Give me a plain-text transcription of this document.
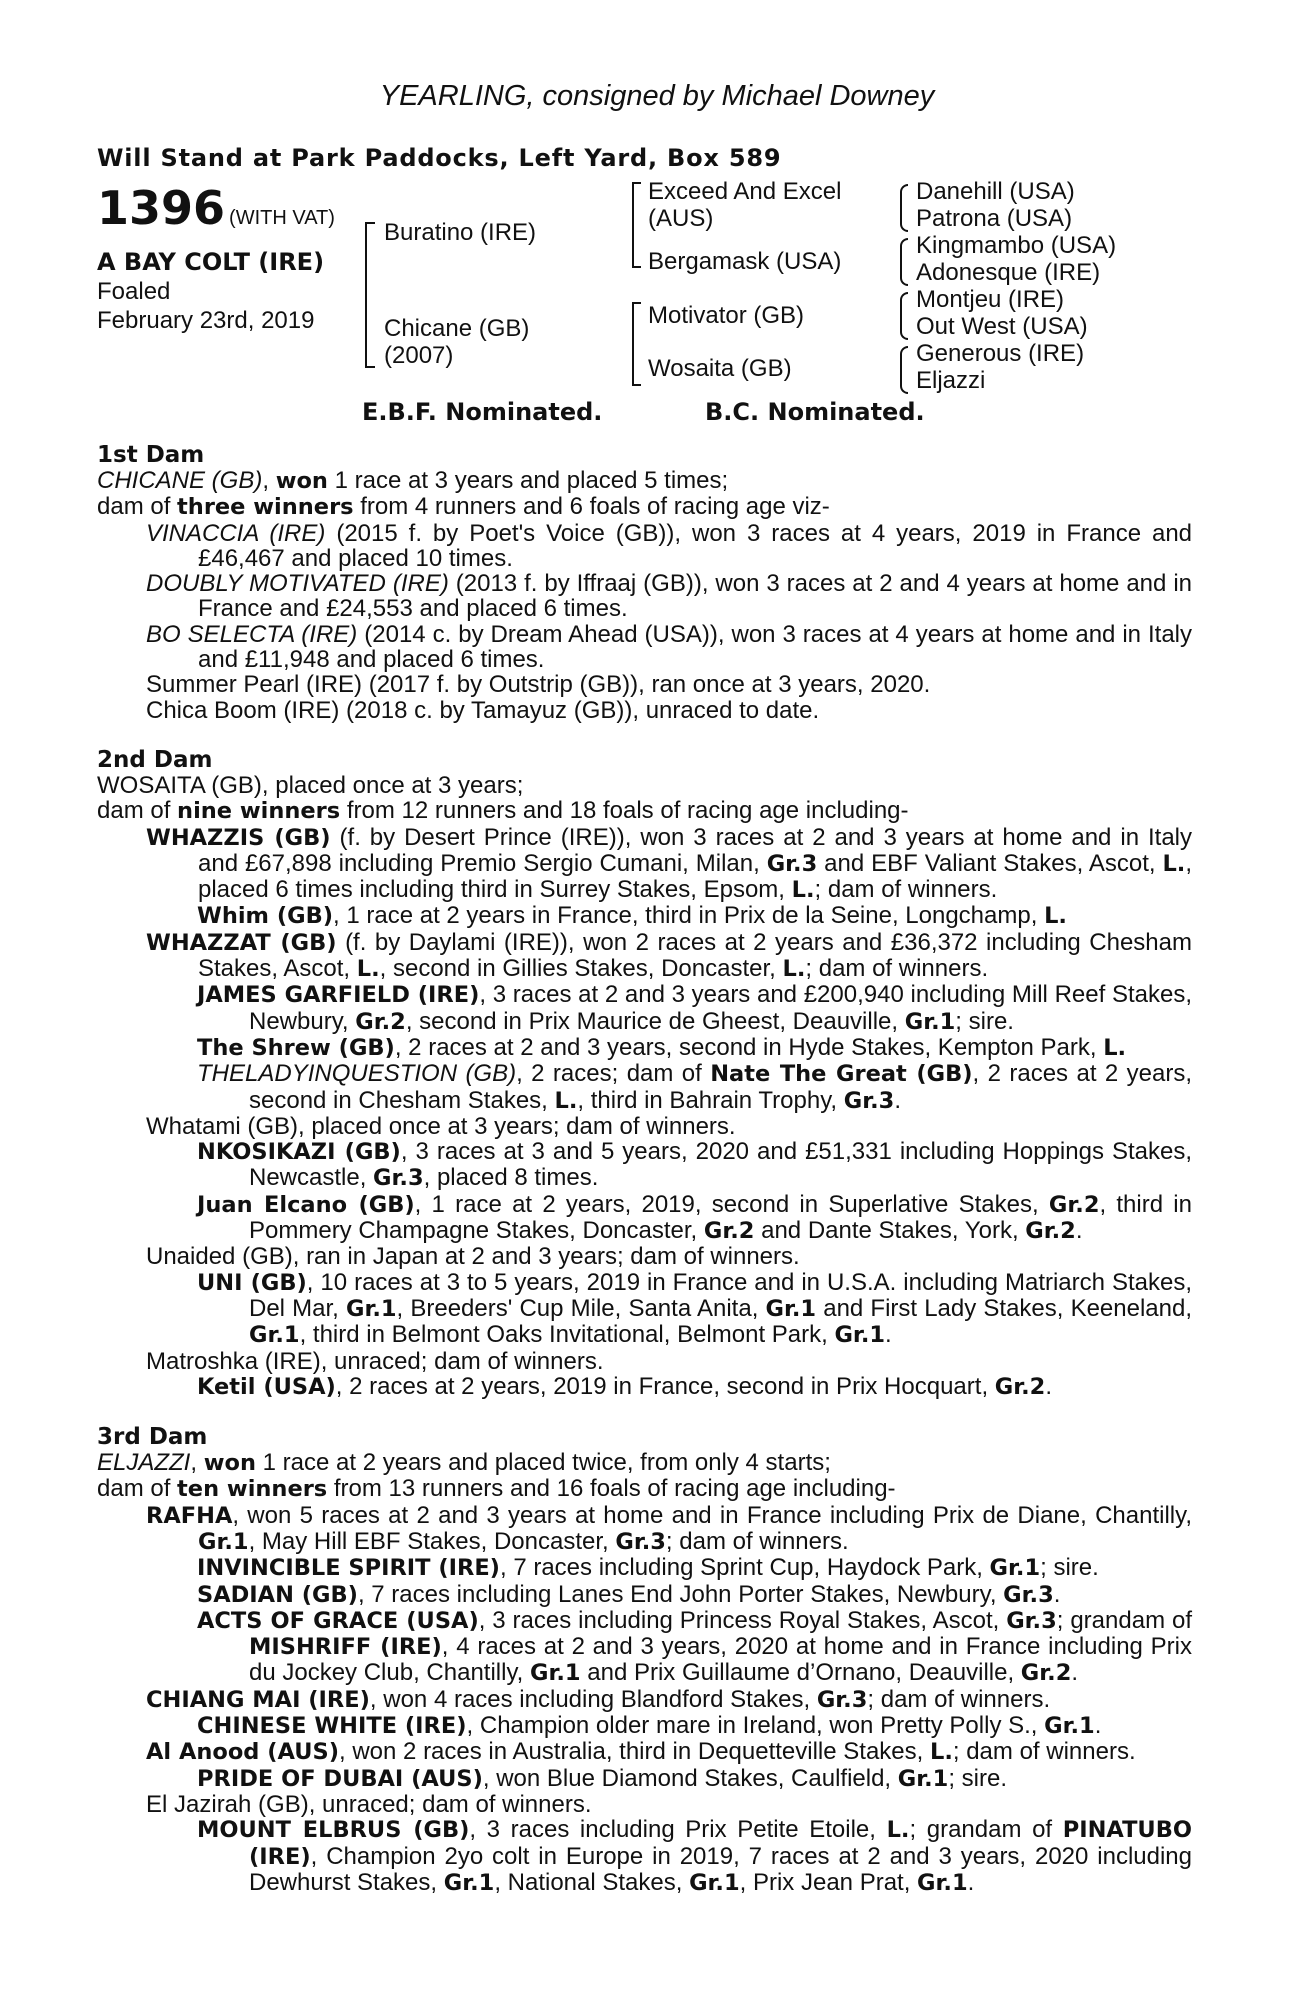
YEARLING, consigned by Michael Downey
Will Stand at Park Paddocks, Left Yard, Box 589
1396 (WITH VAT)
A BAY COLT (IRE)
Foaled
February 23rd, 2019
Buratino (IRE)
Chicane (GB)
(2007)
Exceed And Excel
(AUS)
Bergamask (USA)
Motivator (GB)
Wosaita (GB)
Danehill (USA)
Patrona (USA)
Kingmambo (USA)
Adonesque (IRE)
Montjeu (IRE)
Out West (USA)
Generous (IRE)
Eljazzi
E.B.F. Nominated.	B.C. Nominated.

1st Dam

CHICANE (GB), won 1 race at 3 years and placed 5 times;

dam of three winners from 4 runners and 6 foals of racing age viz-

VINACCIA (IRE) (2015 f. by Poet's Voice (GB)), won 3 races at 4 years, 2019 in France and £46,467 and placed 10 times.

DOUBLY MOTIVATED (IRE) (2013 f. by Iffraaj (GB)), won 3 races at 2 and 4 years at home and in France and £24,553 and placed 6 times.

BO SELECTA (IRE) (2014 c. by Dream Ahead (USA)), won 3 races at 4 years at home and in Italy and £11,948 and placed 6 times.

Summer Pearl (IRE) (2017 f. by Outstrip (GB)), ran once at 3 years, 2020.

Chica Boom (IRE) (2018 c. by Tamayuz (GB)), unraced to date.

2nd Dam

WOSAITA (GB), placed once at 3 years;

dam of nine winners from 12 runners and 18 foals of racing age including-

WHAZZIS (GB) (f. by Desert Prince (IRE)), won 3 races at 2 and 3 years at home and in Italy and £67,898 including Premio Sergio Cumani, Milan, Gr.3 and EBF Valiant Stakes, Ascot, L., placed 6 times including third in Surrey Stakes, Epsom, L.; dam of winners.

Whim (GB), 1 race at 2 years in France, third in Prix de la Seine, Longchamp, L.

WHAZZAT (GB) (f. by Daylami (IRE)), won 2 races at 2 years and £36,372 including Chesham Stakes, Ascot, L., second in Gillies Stakes, Doncaster, L.; dam of winners.

JAMES GARFIELD (IRE), 3 races at 2 and 3 years and £200,940 including Mill Reef Stakes, Newbury, Gr.2, second in Prix Maurice de Gheest, Deauville, Gr.1; sire.

The Shrew (GB), 2 races at 2 and 3 years, second in Hyde Stakes, Kempton Park, L.

THELADYINQUESTION (GB), 2 races; dam of Nate The Great (GB), 2 races at 2 years, second in Chesham Stakes, L., third in Bahrain Trophy, Gr.3.

Whatami (GB), placed once at 3 years; dam of winners.

NKOSIKAZI (GB), 3 races at 3 and 5 years, 2020 and £51,331 including Hoppings Stakes, Newcastle, Gr.3, placed 8 times.

Juan Elcano (GB), 1 race at 2 years, 2019, second in Superlative Stakes, Gr.2, third in Pommery Champagne Stakes, Doncaster, Gr.2 and Dante Stakes, York, Gr.2.

Unaided (GB), ran in Japan at 2 and 3 years; dam of winners.

UNI (GB), 10 races at 3 to 5 years, 2019 in France and in U.S.A. including Matriarch Stakes, Del Mar, Gr.1, Breeders' Cup Mile, Santa Anita, Gr.1 and First Lady Stakes, Keeneland, Gr.1, third in Belmont Oaks Invitational, Belmont Park, Gr.1.

Matroshka (IRE), unraced; dam of winners.

Ketil (USA), 2 races at 2 years, 2019 in France, second in Prix Hocquart, Gr.2.

3rd Dam

ELJAZZI, won 1 race at 2 years and placed twice, from only 4 starts;

dam of ten winners from 13 runners and 16 foals of racing age including-

RAFHA, won 5 races at 2 and 3 years at home and in France including Prix de Diane, Chantilly, Gr.1, May Hill EBF Stakes, Doncaster, Gr.3; dam of winners.

INVINCIBLE SPIRIT (IRE), 7 races including Sprint Cup, Haydock Park, Gr.1; sire.

SADIAN (GB), 7 races including Lanes End John Porter Stakes, Newbury, Gr.3.

ACTS OF GRACE (USA), 3 races including Princess Royal Stakes, Ascot, Gr.3; grandam of MISHRIFF (IRE), 4 races at 2 and 3 years, 2020 at home and in France including Prix du Jockey Club, Chantilly, Gr.1 and Prix Guillaume d’Ornano, Deauville, Gr.2.

CHIANG MAI (IRE), won 4 races including Blandford Stakes, Gr.3; dam of winners.

CHINESE WHITE (IRE), Champion older mare in Ireland, won Pretty Polly S., Gr.1.

Al Anood (AUS), won 2 races in Australia, third in Dequetteville Stakes, L.; dam of winners.

PRIDE OF DUBAI (AUS), won Blue Diamond Stakes, Caulfield, Gr.1; sire.

El Jazirah (GB), unraced; dam of winners.

MOUNT ELBRUS (GB), 3 races including Prix Petite Etoile, L.; grandam of PINATUBO (IRE), Champion 2yo colt in Europe in 2019, 7 races at 2 and 3 years, 2020 including Dewhurst Stakes, Gr.1, National Stakes, Gr.1, Prix Jean Prat, Gr.1.
